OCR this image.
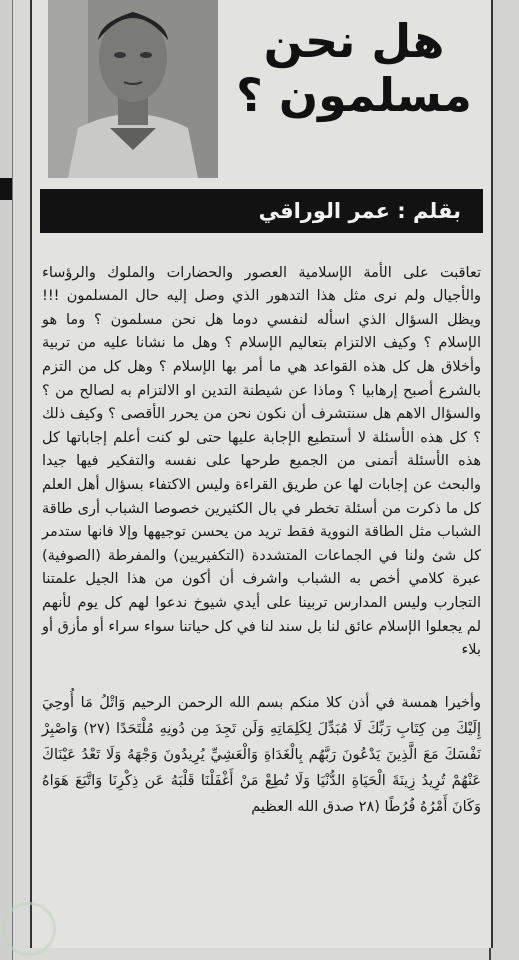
هل نحن
مسلمون ؟
بقلم : عمر الوراقي

تعاقبت على الأمة الإسلامية العصور والحضارات والملوك والرؤساء والأجيال ولم نرى مثل هذا التدهور الذي وصل إليه حال المسلمون !!! ويظل السؤال الذي اسأله لنفسي دوما هل نحن مسلمون ؟ وما هو الإسلام ؟ وكيف الالتزام بتعاليم الإسلام ؟ وهل ما نشانا عليه من تربية وأخلاق هل كل هذه القواعد هي ما أمر بها الإسلام ؟ وهل كل من التزم بالشرع أصبح إرهابيا ؟ وماذا عن شيطنة التدين او الالتزام به لصالح من ؟ والسؤال الاهم هل سنتشرف أن نكون نحن من يحرر الأقصى ؟ وكيف ذلك ؟ كل هذه الأسئلة لا أستطيع الإجابة عليها حتى لو كنت أعلم إجاباتها كل هذه الأسئلة أتمنى من الجميع طرحها على نفسه والتفكير فيها جيدا والبحث عن إجابات لها عن طريق القراءة وليس الاكتفاء بسؤال أهل العلم كل ما ذكرت من أسئلة تخطر في بال الكثيرين خصوصا الشباب أرى طاقة الشباب مثل الطاقة النووية فقط تريد من يحسن توجيهها وإلا فانها ستدمر كل شئ ولنا في الجماعات المتشددة (التكفيريين) والمفرطة (الصوفية) عبرة كلامي أخص به الشباب واشرف أن أكون من هذا الجيل علمتنا التجارب وليس المدارس تربينا على أيدي شيوخ ندعوا لهم كل يوم لأنهم لم يجعلوا الإسلام عائق لنا بل سند لنا في كل حياتنا سواء سراء أو مأزق أو بلاء

وأخيرا همسة في أذن كلا منكم بسم الله الرحمن الرحيم وَاتْلُ مَا أُوحِيَ إِلَيْكَ مِن كِتَابِ رَبِّكَ لَا مُبَدِّلَ لِكَلِمَاتِهِ وَلَن تَجِدَ مِن دُونِهِ مُلْتَحَدًا (٢٧) وَاصْبِرْ نَفْسَكَ مَعَ الَّذِينَ يَدْعُونَ رَبَّهُم بِالْغَدَاةِ وَالْعَشِيِّ يُرِيدُونَ وَجْهَهُ وَلَا تَعْدُ عَيْنَاكَ عَنْهُمْ تُرِيدُ زِينَةَ الْحَيَاةِ الدُّنْيَا وَلَا تُطِعْ مَنْ أَغْفَلْنَا قَلْبَهُ عَن ذِكْرِنَا وَاتَّبَعَ هَوَاهُ وَكَانَ أَمْرُهُ فُرُطًا (٢٨ صدق الله العظيم
